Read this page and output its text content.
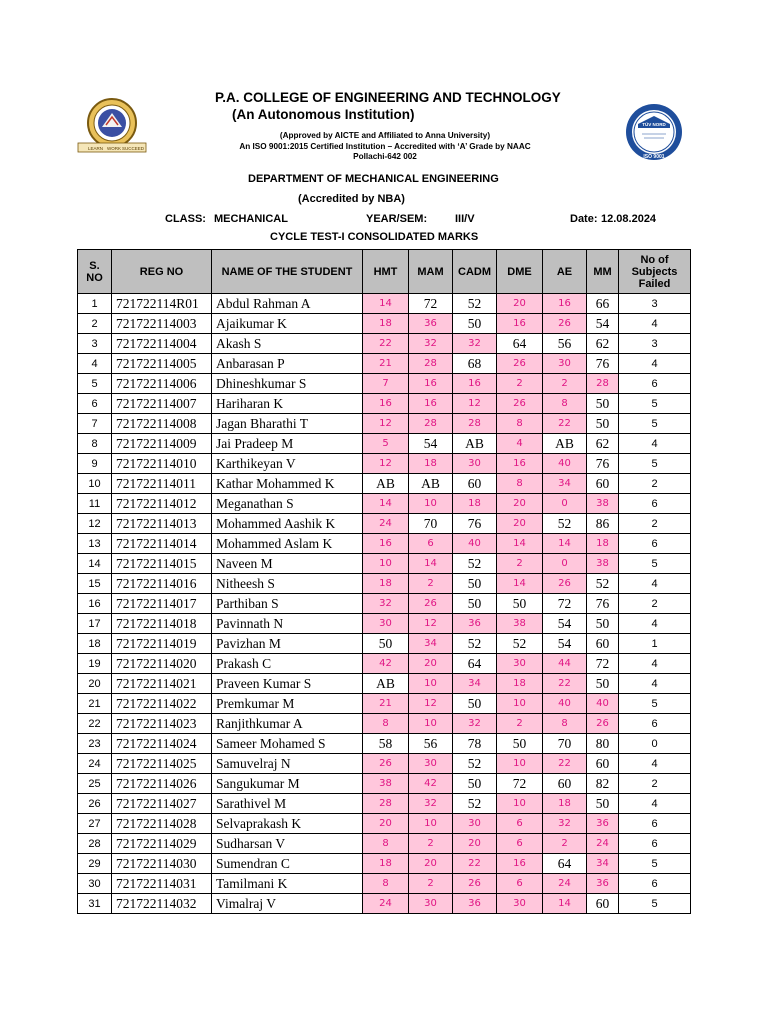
LEARN WORK SUCCEED
TÜV NORD
ISO 9001
P.A. COLLEGE OF ENGINEERING AND TECHNOLOGY
(An Autonomous Institution)
(Approved by AICTE and Affiliated to Anna University)
An ISO 9001:2015 Certified Institution – Accredited with ‘A’ Grade by NAAC
Pollachi-642 002
DEPARTMENT OF MECHANICAL ENGINEERING
(Accredited by NBA)
CLASS: MECHANICAL	YEAR/SEM:	III/V	Date: 12.08.2024
CYCLE TEST-I CONSOLIDATED MARKS
S.
NO	REG NO	NAME OF THE STUDENT	HMT	MAM	CADM	DME	AE	MM	No of Subjects Failed
1	721722114R01	Abdul Rahman A	14	72	52	20	16	66	3
2	721722114003	Ajaikumar K	18	36	50	16	26	54	4
3	721722114004	Akash S	22	32	32	64	56	62	3
4	721722114005	Anbarasan P	21	28	68	26	30	76	4
5	721722114006	Dhineshkumar S	7	16	16	2	2	28	6
6	721722114007	Hariharan K	16	16	12	26	8	50	5
7	721722114008	Jagan Bharathi T	12	28	28	8	22	50	5
8	721722114009	Jai Pradeep M	5	54	AB	4	AB	62	4
9	721722114010	Karthikeyan V	12	18	30	16	40	76	5
10	721722114011	Kathar Mohammed K	AB	AB	60	8	34	60	2
11	721722114012	Meganathan S	14	10	18	20	0	38	6
12	721722114013	Mohammed Aashik K	24	70	76	20	52	86	2
13	721722114014	Mohammed Aslam K	16	6	40	14	14	18	6
14	721722114015	Naveen M	10	14	52	2	0	38	5
15	721722114016	Nitheesh S	18	2	50	14	26	52	4
16	721722114017	Parthiban S	32	26	50	50	72	76	2
17	721722114018	Pavinnath N	30	12	36	38	54	50	4
18	721722114019	Pavizhan M	50	34	52	52	54	60	1
19	721722114020	Prakash C	42	20	64	30	44	72	4
20	721722114021	Praveen Kumar S	AB	10	34	18	22	50	4
21	721722114022	Premkumar M	21	12	50	10	40	40	5
22	721722114023	Ranjithkumar A	8	10	32	2	8	26	6
23	721722114024	Sameer Mohamed S	58	56	78	50	70	80	0
24	721722114025	Samuvelraj N	26	30	52	10	22	60	4
25	721722114026	Sangukumar M	38	42	50	72	60	82	2
26	721722114027	Sarathivel M	28	32	52	10	18	50	4
27	721722114028	Selvaprakash K	20	10	30	6	32	36	6
28	721722114029	Sudharsan V	8	2	20	6	2	24	6
29	721722114030	Sumendran C	18	20	22	16	64	34	5
30	721722114031	Tamilmani K	8	2	26	6	24	36	6
31	721722114032	Vimalraj V	24	30	36	30	14	60	5
